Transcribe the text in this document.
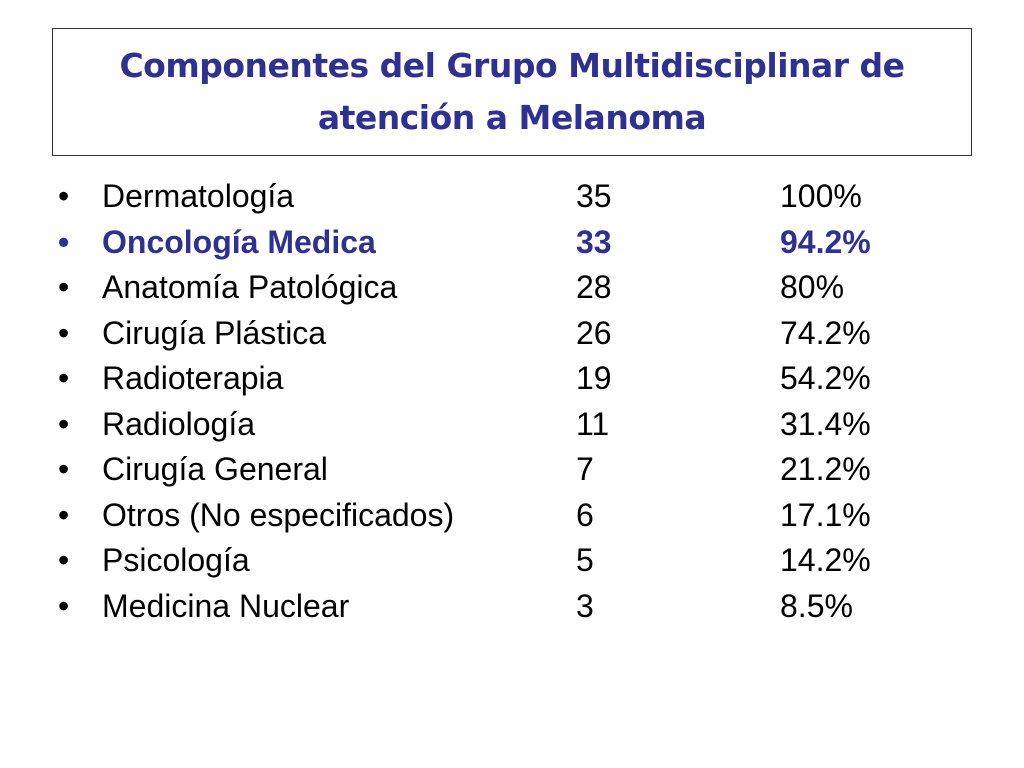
Componentes del Grupo Multidisciplinar de atención a Melanoma
• Dermatología	35	100%
• Oncología Medica	33	94.2%
• Anatomía Patológica	28	80%
• Cirugía Plástica	26	74.2%
• Radioterapia	19	54.2%
• Radiología	11	31.4%
• Cirugía General	7	21.2%
• Otros (No especificados)	6	17.1%
• Psicología	5	14.2%
• Medicina Nuclear	3	8.5%
